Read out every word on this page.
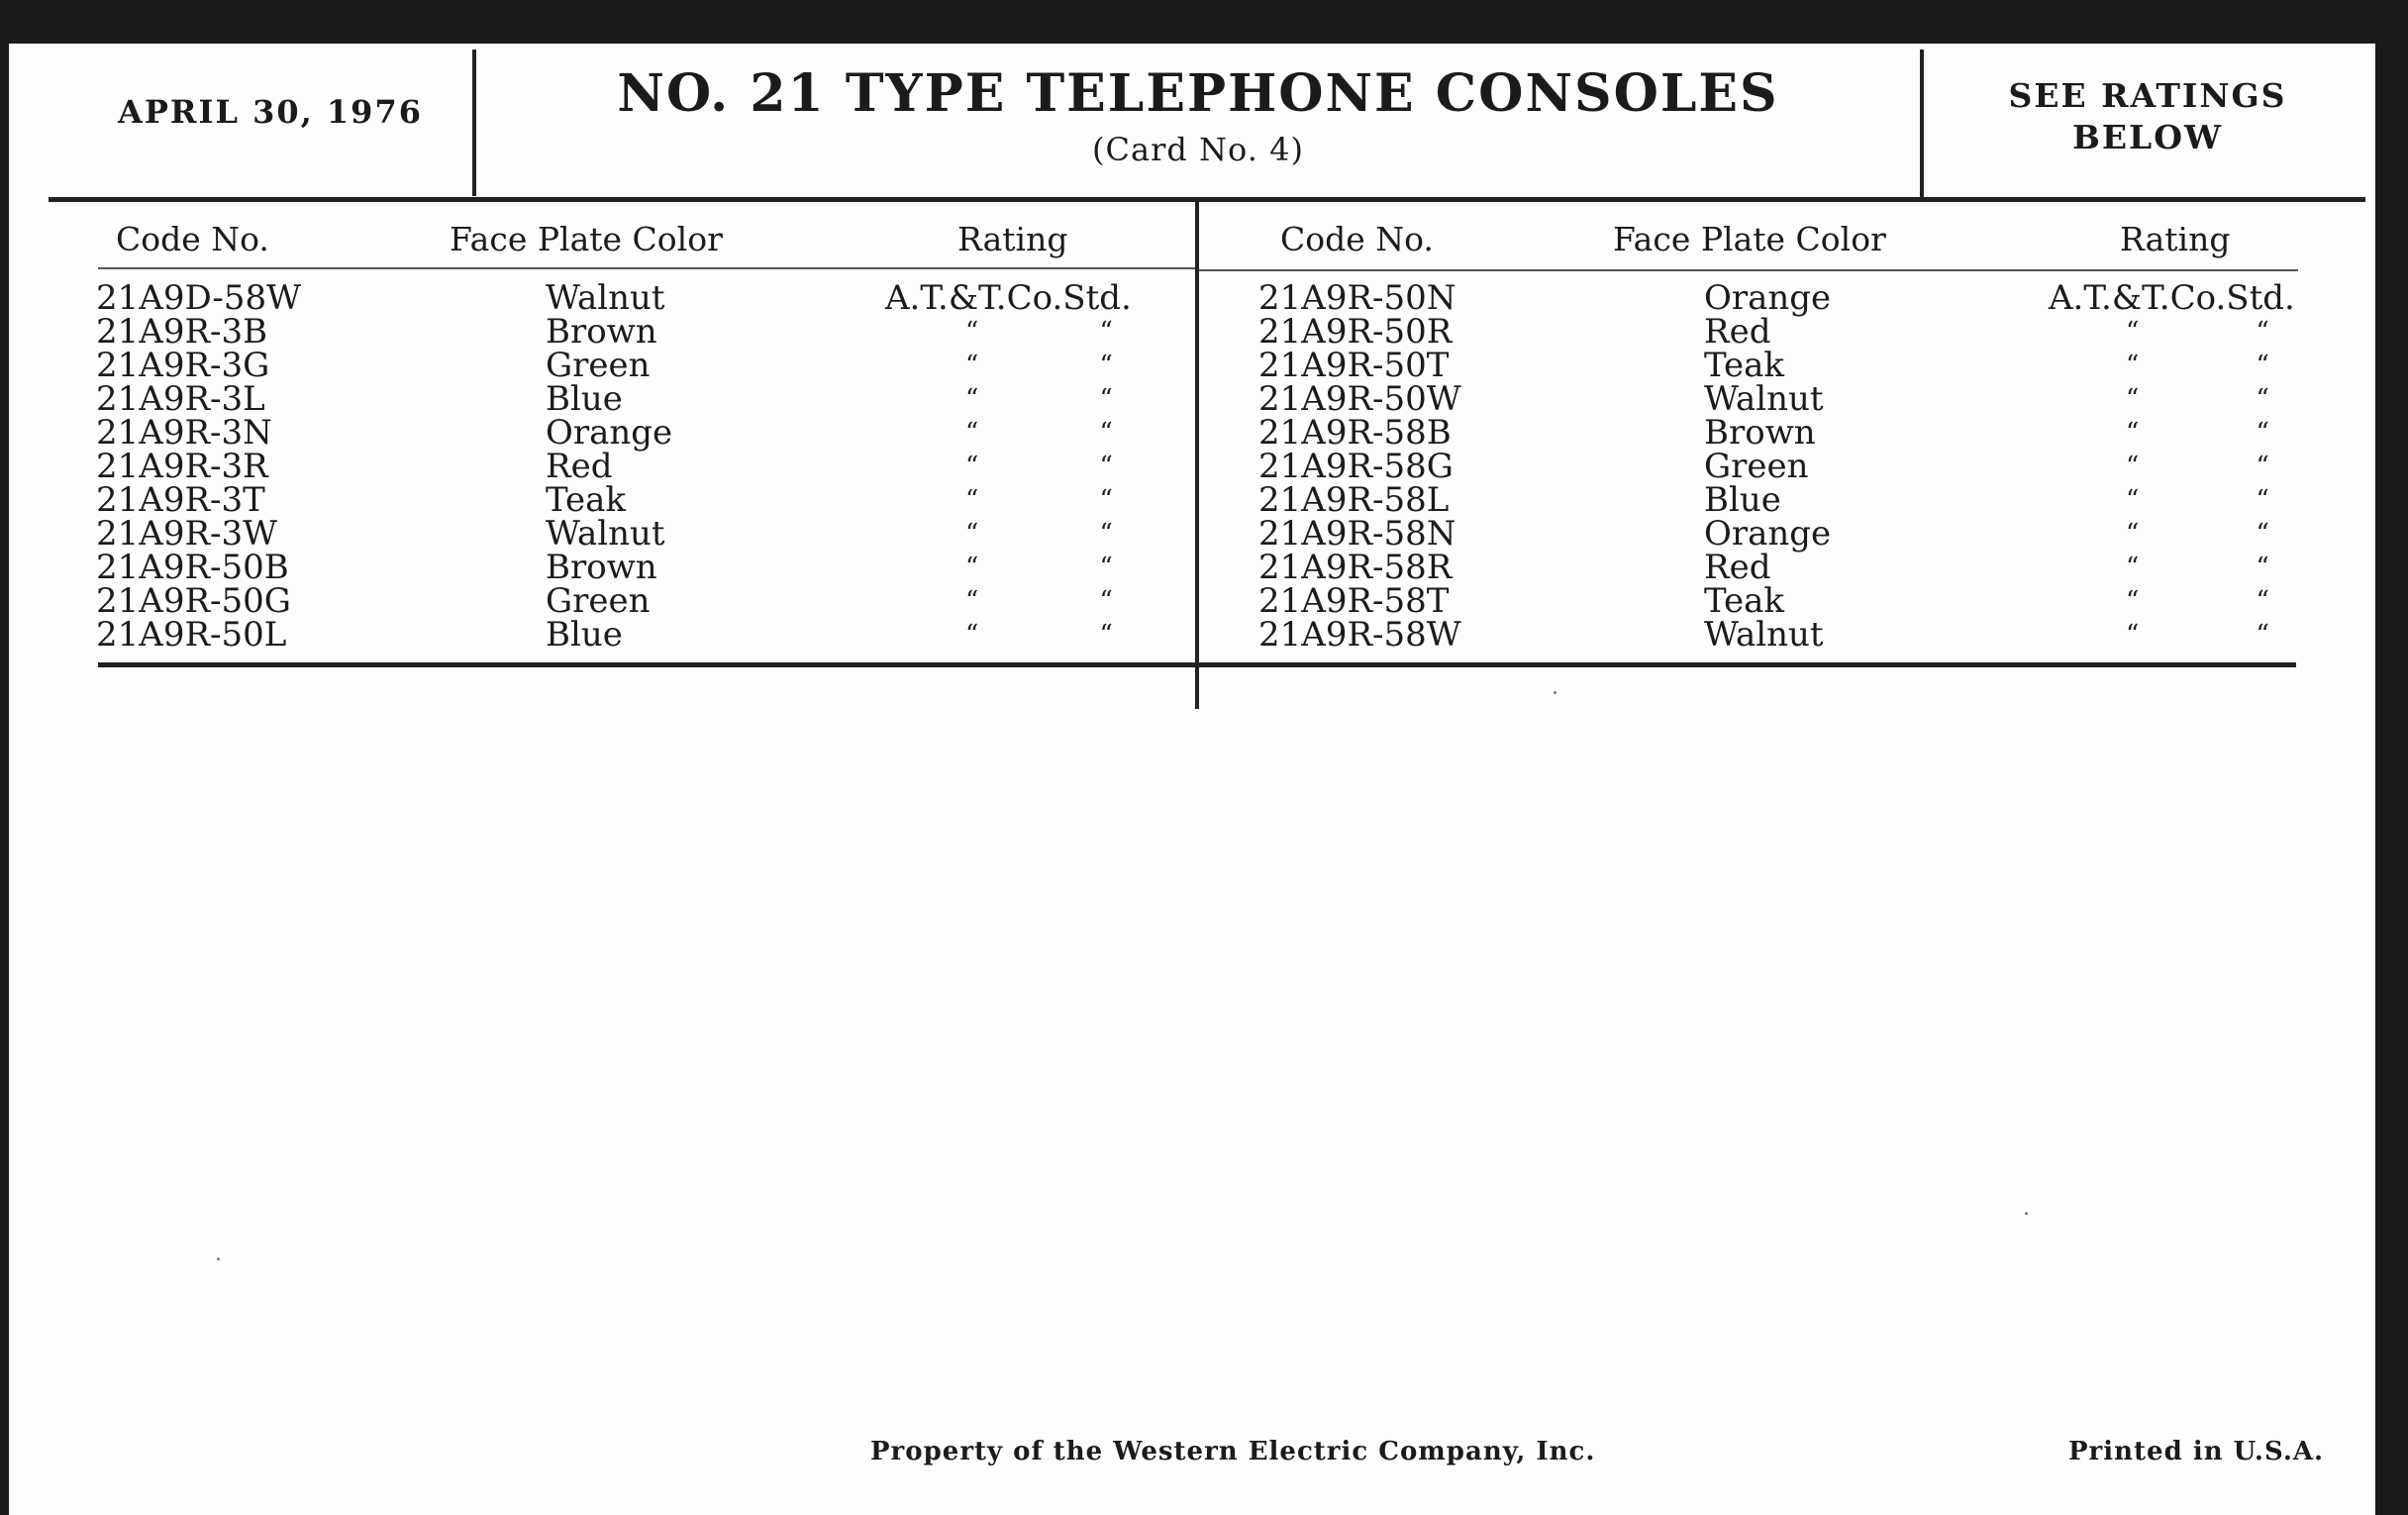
APRIL 30, 1976	NO. 21 TYPE TELEPHONE CONSOLES
(Card No. 4)
SEE RATINGS
BELOW
Code No.	Face Plate Color	Rating	Code No.	Face Plate Color	Rating
21A9D-58W	Walnut	A.T.&T.Co.Std.
21A9R-3B	Brown	“ “
21A9R-3G	Green	“ “
21A9R-3L	Blue	“ “
21A9R-3N	Orange	“ “
21A9R-3R	Red	“ “
21A9R-3T	Teak	“ “
21A9R-3W	Walnut	“ “
21A9R-50B	Brown	“ “
21A9R-50G	Green	“ “
21A9R-50L	Blue	“ “
21A9R-50N	Orange	A.T.&T.Co.Std.
21A9R-50R	Red	“ “
21A9R-50T	Teak	“ “
21A9R-50W	Walnut	“ “
21A9R-58B	Brown	“ “
21A9R-58G	Green	“ “
21A9R-58L	Blue	“ “
21A9R-58N	Orange	“ “
21A9R-58R	Red	“ “
21A9R-58T	Teak	“ “
21A9R-58W	Walnut	“ “
Property of the Western Electric Company, Inc.	Printed in U.S.A.
